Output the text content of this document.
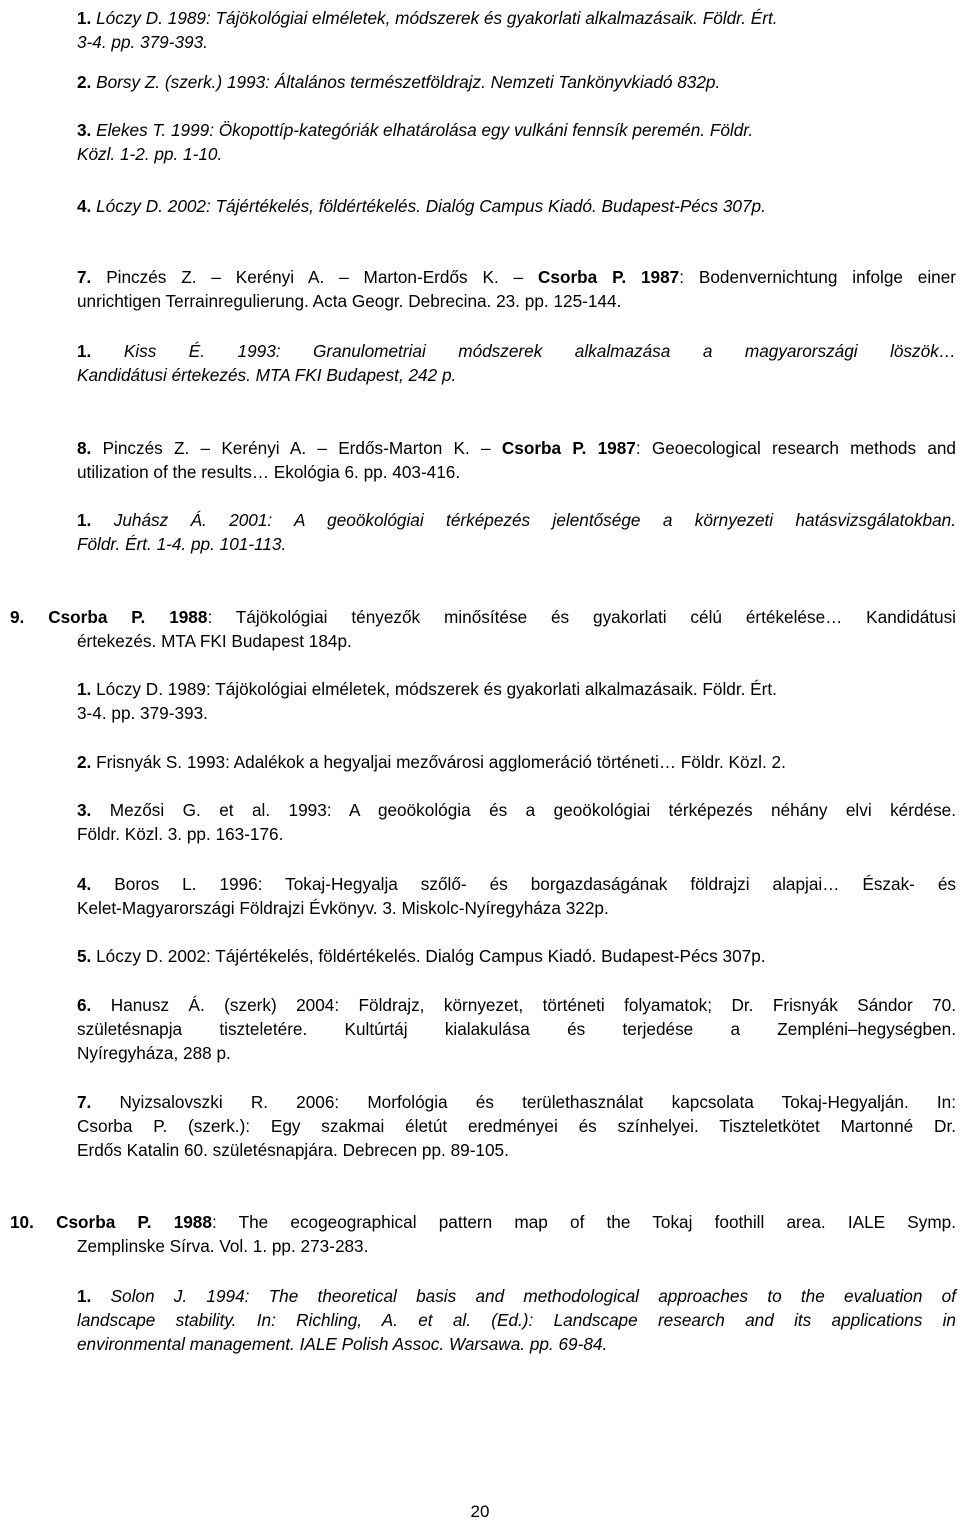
1. Lóczy D. 1989: Tájökológiai elméletek, módszerek és gyakorlati alkalmazásaik. Földr. Ért.
3-4. pp. 379-393.
2. Borsy Z. (szerk.) 1993: Általános természetföldrajz. Nemzeti Tankönyvkiadó 832p.
3. Elekes T. 1999: Ökopottíp-kategóriák elhatárolása egy vulkáni fennsík peremén. Földr.
Közl. 1-2. pp. 1-10.
4. Lóczy D. 2002: Tájértékelés, földértékelés. Dialóg Campus Kiadó. Budapest-Pécs 307p.
7. Pinczés Z. – Kerényi A. – Marton-Erdős K. – Csorba P. 1987: Bodenvernichtung infolge einer
unrichtigen Terrainregulierung. Acta Geogr. Debrecina. 23. pp. 125-144.
1. Kiss É. 1993: Granulometriai módszerek alkalmazása a magyarországi löszök…
Kandidátusi értekezés. MTA FKI Budapest, 242 p.
8. Pinczés Z. – Kerényi A. – Erdős-Marton K. – Csorba P. 1987: Geoecological research methods and
utilization of the results… Ekológia 6. pp. 403-416.
1. Juhász Á. 2001: A geoökológiai térképezés jelentősége a környezeti hatásvizsgálatokban.
Földr. Ért. 1-4. pp. 101-113.
9. Csorba P. 1988: Tájökológiai tényezők minősítése és gyakorlati célú értékelése… Kandidátusi
értekezés. MTA FKI Budapest 184p.
1. Lóczy D. 1989: Tájökológiai elméletek, módszerek és gyakorlati alkalmazásaik. Földr. Ért.
3-4. pp. 379-393.
2. Frisnyák S. 1993: Adalékok a hegyaljai mezővárosi agglomeráció történeti… Földr. Közl. 2.
3. Mezősi G. et al. 1993: A geoökológia és a geoökológiai térképezés néhány elvi kérdése.
Földr. Közl. 3. pp. 163-176.
4. Boros L. 1996: Tokaj-Hegyalja szőlő- és borgazdaságának földrajzi alapjai… Észak- és
Kelet-Magyarországi Földrajzi Évkönyv. 3. Miskolc-Nyíregyháza 322p.
5. Lóczy D. 2002: Tájértékelés, földértékelés. Dialóg Campus Kiadó. Budapest-Pécs 307p.
6. Hanusz Á. (szerk) 2004: Földrajz, környezet, történeti folyamatok; Dr. Frisnyák Sándor 70.
születésnapja tiszteletére. Kultúrtáj kialakulása és terjedése a Zempléni–hegységben.
Nyíregyháza, 288 p.
7. Nyizsalovszki R. 2006: Morfológia és területhasználat kapcsolata Tokaj-Hegyalján. In:
Csorba P. (szerk.): Egy szakmai életút eredményei és színhelyei. Tiszteletkötet Martonné Dr.
Erdős Katalin 60. születésnapjára. Debrecen pp. 89-105.
10. Csorba P. 1988: The ecogeographical pattern map of the Tokaj foothill area. IALE Symp.
Zemplinske Sírva. Vol. 1. pp. 273-283.
1. Solon J. 1994: The theoretical basis and methodological approaches to the evaluation of
landscape stability. In: Richling, A. et al. (Ed.): Landscape research and its applications in
environmental management. IALE Polish Assoc. Warsawa. pp. 69-84.
20
